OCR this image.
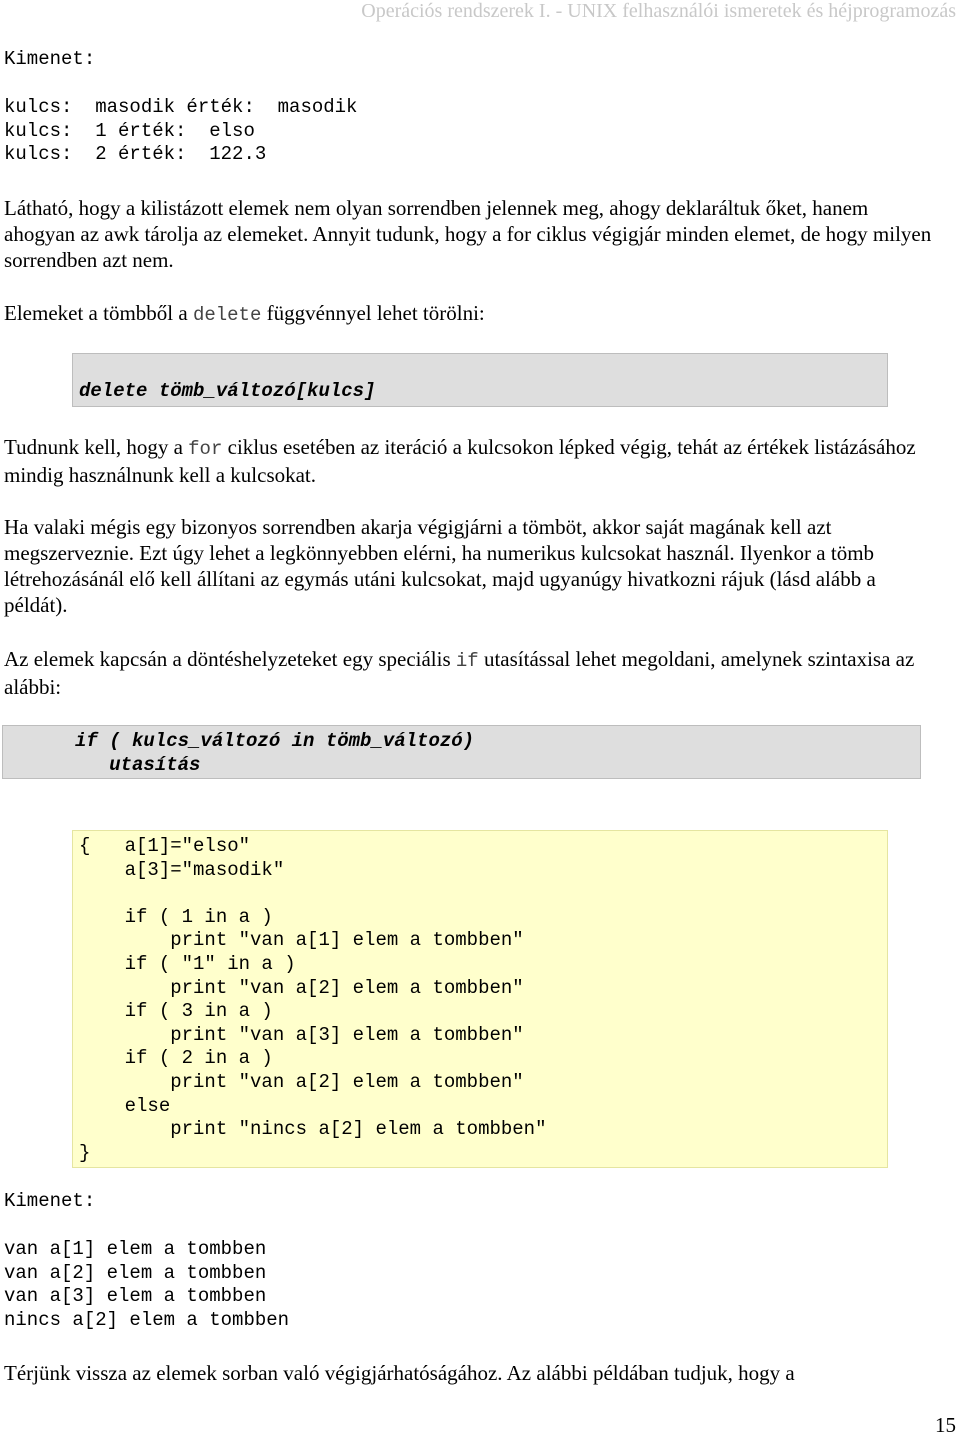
Operációs rendszerek I. - UNIX felhasználói ismeretek és héjprogramozás
Kimenet:
kulcs:  masodik érték:  masodik
kulcs:  1 érték:  elso
kulcs:  2 érték:  122.3
Látható, hogy a kilistázott elemek nem olyan sorrendben jelennek meg, ahogy deklaráltuk őket, hanem ahogyan az awk tárolja az elemeket. Annyit tudunk, hogy a for ciklus végigjár minden elemet, de hogy milyen sorrendben azt nem.
Elemeket a tömbből a delete függvénnyel lehet törölni:
delete tömb_változó[kulcs]
Tudnunk kell, hogy a for ciklus esetében az iteráció a kulcsokon lépked végig, tehát az értékek listázásához mindig használnunk kell a kulcsokat.
Ha valaki mégis egy bizonyos sorrendben akarja végigjárni a tömböt, akkor saját magának kell azt megszerveznie. Ezt úgy lehet a legkönnyebben elérni, ha numerikus kulcsokat használ. Ilyenkor a tömb létrehozásánál elő kell állítani az egymás utáni kulcsokat, majd ugyanúgy hivatkozni rájuk (lásd alább a példát).
Az elemek kapcsán a döntéshelyzeteket egy speciális if utasítással lehet megoldani, amelynek szintaxisa az alábbi:
if ( kulcs_változó in tömb_változó)
utasítás
{   a[1]="elso"
a[3]="masodik"
if ( 1 in a )
print "van a[1] elem a tombben"
if ( "1" in a )
print "van a[2] elem a tombben"
if ( 3 in a )
print "van a[3] elem a tombben"
if ( 2 in a )
print "van a[2] elem a tombben"
else
print "nincs a[2] elem a tombben"
}
Kimenet:
van a[1] elem a tombben
van a[2] elem a tombben
van a[3] elem a tombben
nincs a[2] elem a tombben
Térjünk vissza az elemek sorban való végigjárhatóságához. Az alábbi példában tudjuk, hogy a
15
